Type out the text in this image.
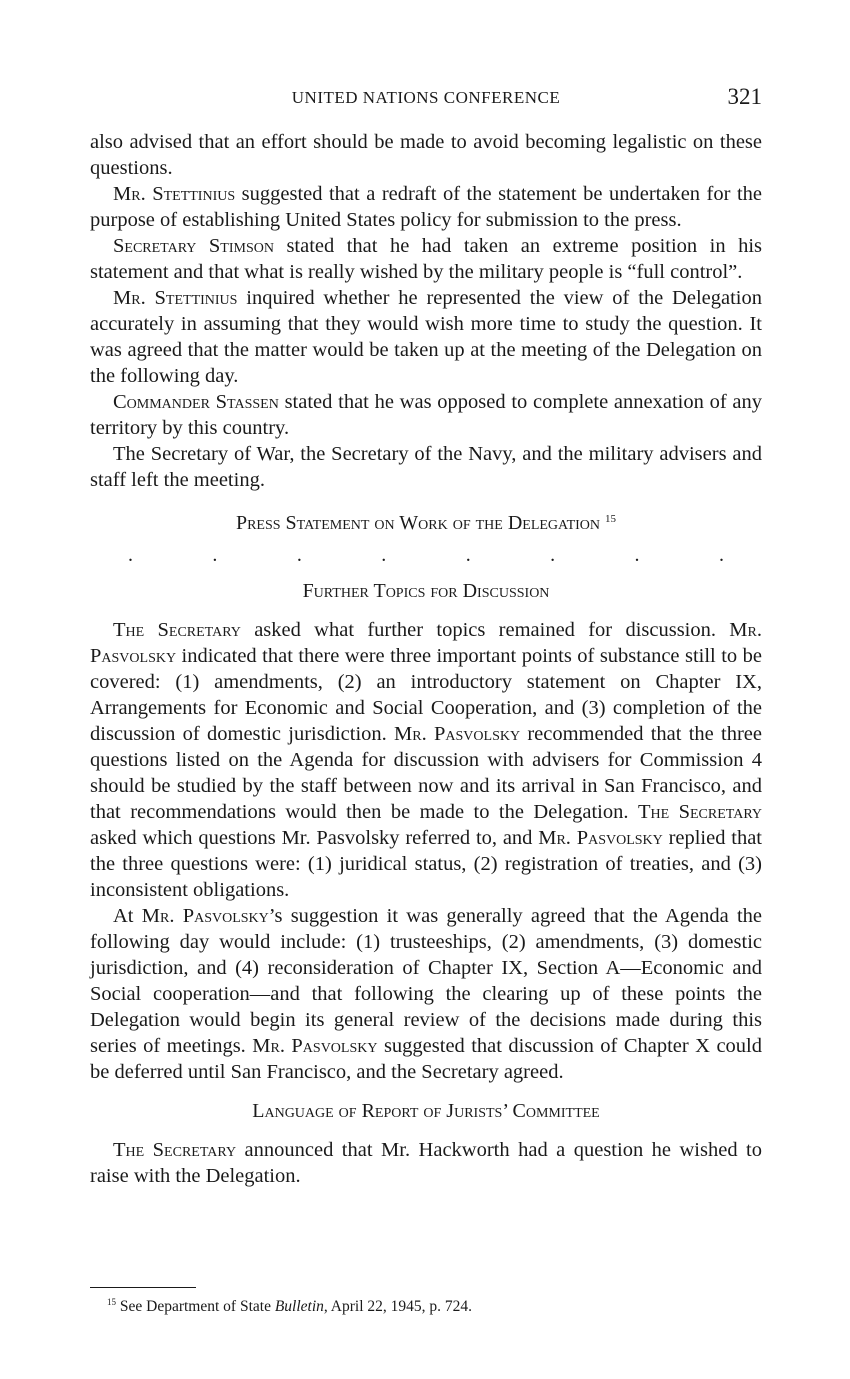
UNITED NATIONS CONFERENCE	321

also advised that an effort should be made to avoid becoming legalistic on these questions.

Mr. Stettinius suggested that a redraft of the statement be undertaken for the purpose of establishing United States policy for submission to the press.

Secretary Stimson stated that he had taken an extreme position in his statement and that what is really wished by the military people is “full control”.

Mr. Stettinius inquired whether he represented the view of the Delegation accurately in assuming that they would wish more time to study the question. It was agreed that the matter would be taken up at the meeting of the Delegation on the following day.

Commander Stassen stated that he was opposed to complete annexation of any territory by this country.

The Secretary of War, the Secretary of the Navy, and the military advisers and staff left the meeting.

Press Statement on Work of the Delegation $^{15}$
.	.	.	.	.	.	.	.
Further Topics for Discussion

The Secretary asked what further topics remained for discussion. Mr. Pasvolsky indicated that there were three important points of substance still to be covered: (1) amendments, (2) an introductory statement on Chapter IX, Arrangements for Economic and Social Cooperation, and (3) completion of the discussion of domestic jurisdiction. Mr. Pasvolsky recommended that the three questions listed on the Agenda for discussion with advisers for Commission 4 should be studied by the staff between now and its arrival in San Francisco, and that recommendations would then be made to the Delegation. The Secretary asked which questions Mr. Pasvolsky referred to, and Mr. Pasvolsky replied that the three questions were: (1) juridical status, (2) registration of treaties, and (3) inconsistent obligations.

At Mr. Pasvolsky’s suggestion it was generally agreed that the Agenda the following day would include: (1) trusteeships, (2) amendments, (3) domestic jurisdiction, and (4) reconsideration of Chapter IX, Section A—Economic and Social cooperation—and that following the clearing up of these points the Delegation would begin its general review of the decisions made during this series of meetings. Mr. Pasvolsky suggested that discussion of Chapter X could be deferred until San Francisco, and the Secretary agreed.

Language of Report of Jurists’ Committee

The Secretary announced that Mr. Hackworth had a question he wished to raise with the Delegation.

$^{15}$ See Department of State Bulletin, April 22, 1945, p. 724.
